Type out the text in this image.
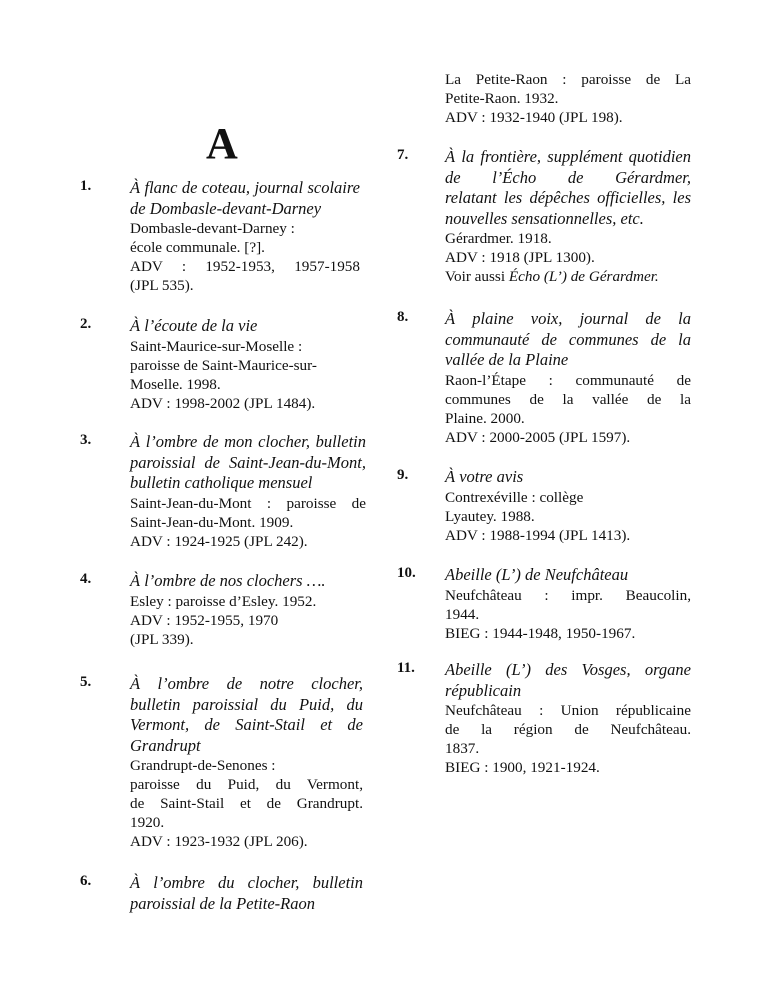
A
1. À flanc de coteau, journal scolaire
de Dombasle-devant-Darney
Dombasle-devant-Darney :
école communale. [?].
ADV : 1952-1953, 1957-1958
(JPL 535).
2. À l’écoute de la vie
Saint-Maurice-sur-Moselle :
paroisse de Saint-Maurice-sur-
Moselle. 1998.
ADV : 1998-2002 (JPL 1484).
3. À l’ombre de mon clocher, bulletin
paroissial de Saint-Jean-du-Mont,
bulletin catholique mensuel
Saint-Jean-du-Mont : paroisse de
Saint-Jean-du-Mont. 1909.
ADV : 1924-1925 (JPL 242).
4. À l’ombre de nos clochers ….
Esley : paroisse d’Esley. 1952.
ADV : 1952-1955, 1970
(JPL 339).
5. À l’ombre de notre clocher,
bulletin paroissial du Puid, du
Vermont, de Saint-Stail et de
Grandrupt
Grandrupt-de-Senones :
paroisse du Puid, du Vermont,
de Saint-Stail et de Grandrupt.
1920.
ADV : 1923-1932 (JPL 206).
6. À l’ombre du clocher, bulletin
paroissial de la Petite-Raon
La Petite-Raon : paroisse de La
Petite-Raon. 1932.
ADV : 1932-1940 (JPL 198).
7. À la frontière, supplément quotidien
de l’Écho de Gérardmer,
relatant les dépêches officielles, les
nouvelles sensationnelles, etc.
Gérardmer. 1918.
ADV : 1918 (JPL 1300).
Voir aussi Écho (L’) de Gérardmer.
8. À plaine voix, journal de la
communauté de communes de la
vallée de la Plaine
Raon-l’Étape : communauté de
communes de la vallée de la
Plaine. 2000.
ADV : 2000-2005 (JPL 1597).
9. À votre avis
Contrexéville : collège
Lyautey. 1988.
ADV : 1988-1994 (JPL 1413).
10. Abeille (L’) de Neufchâteau
Neufchâteau : impr. Beaucolin,
1944.
BIEG : 1944-1948, 1950-1967.
11. Abeille (L’) des Vosges, organe
républicain
Neufchâteau : Union républicaine
de la région de Neufchâteau.
1837.
BIEG : 1900, 1921-1924.
